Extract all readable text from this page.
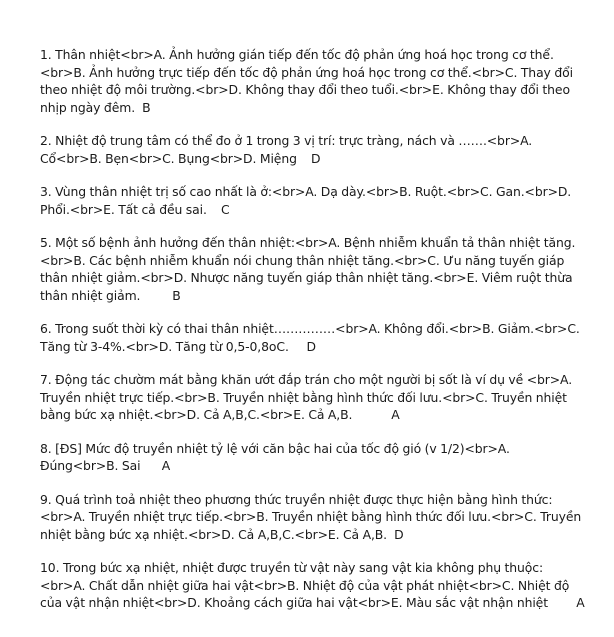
1. Thân nhiệt<br>A. Ảnh hưởng gián tiếp đến tốc độ phản ứng hoá học trong cơ thể.<br>B. Ảnh hưởng trực tiếp đến tốc độ phản ứng hoá học trong cơ thể.<br>C. Thay đổi theo nhiệt độ môi trường.<br>D. Không thay đổi theo tuổi.<br>E. Không thay đổi theo nhịp ngày đêm. B

2. Nhiệt độ trung tâm có thể đo ở 1 trong 3 vị trí: trực tràng, nách và …….<br>A. Cổ<br>B. Bẹn<br>C. Bụng<br>D. Miệng D

3. Vùng thân nhiệt trị số cao nhất là ở:<br>A. Dạ dày.<br>B. Ruột.<br>C. Gan.<br>D. Phổi.<br>E. Tất cả đều sai. C

5. Một số bệnh ảnh hưởng đến thân nhiệt:<br>A. Bệnh nhiễm khuẩn tả thân nhiệt tăng.<br>B. Các bệnh nhiễm khuẩn nói chung thân nhiệt tăng.<br>C. Ưu năng tuyến giáp thân nhiệt giảm.<br>D. Nhược năng tuyến giáp thân nhiệt tăng.<br>E. Viêm ruột thừa thân nhiệt giảm.	B

6. Trong suốt thời kỳ có thai thân nhiệt……………<br>A. Không đổi.<br>B. Giảm.<br>C. Tăng từ 3-4%.<br>D. Tăng từ 0,5-0,8oC. D

7. Động tác chườm mát bằng khăn ướt đắp trán cho một người bị sốt là ví dụ về <br>A. Truyền nhiệt trực tiếp.<br>B. Truyền nhiệt bằng hình thức đối lưu.<br>C. Truyền nhiệt bằng bức xạ nhiệt.<br>D. Cả A,B,C.<br>E. Cả A,B.	A

8. [ĐS] Mức độ truyền nhiệt tỷ lệ với căn bậc hai của tốc độ gió (v 1/2)<br>A. Đúng<br>B. Sai A

9. Quá trình toả nhiệt theo phương thức truyền nhiệt được thực hiện bằng hình thức:<br>A. Truyền nhiệt trực tiếp.<br>B. Truyền nhiệt bằng hình thức đối lưu.<br>C. Truyền nhiệt bằng bức xạ nhiệt.<br>D. Cả A,B,C.<br>E. Cả A,B. D

10. Trong bức xạ nhiệt, nhiệt được truyền từ vật này sang vật kia không phụ thuộc:<br>A. Chất dẫn nhiệt giữa hai vật<br>B. Nhiệt độ của vật phát nhiệt<br>C. Nhiệt độ của vật nhận nhiệt<br>D. Khoảng cách giữa hai vật<br>E. Màu sắc vật nhận nhiệt A
